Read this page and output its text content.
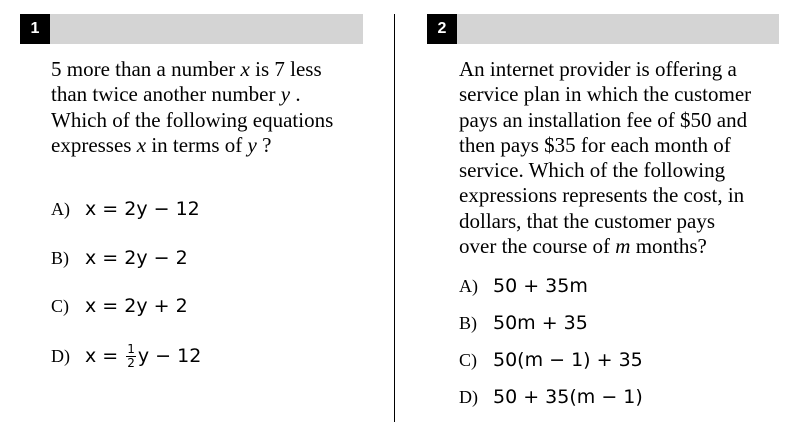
1	2
5 more than a number x is 7 less
than twice another number y .
Which of the following equations
expresses x in terms of y ?
A) x = 2y − 12
B) x = 2y − 2
C) x = 2y + 2
D) $x = \frac{1}{2}$ y − 12
An internet provider is offering a
service plan in which the customer
pays an installation fee of $50 and
then pays $35 for each month of
service. Which of the following
expressions represents the cost, in
dollars, that the customer pays
over the course of m months?
A) 50 + 35m
B) 50m + 35
C) 50(m − 1) + 35
D) 50 + 35(m − 1)
